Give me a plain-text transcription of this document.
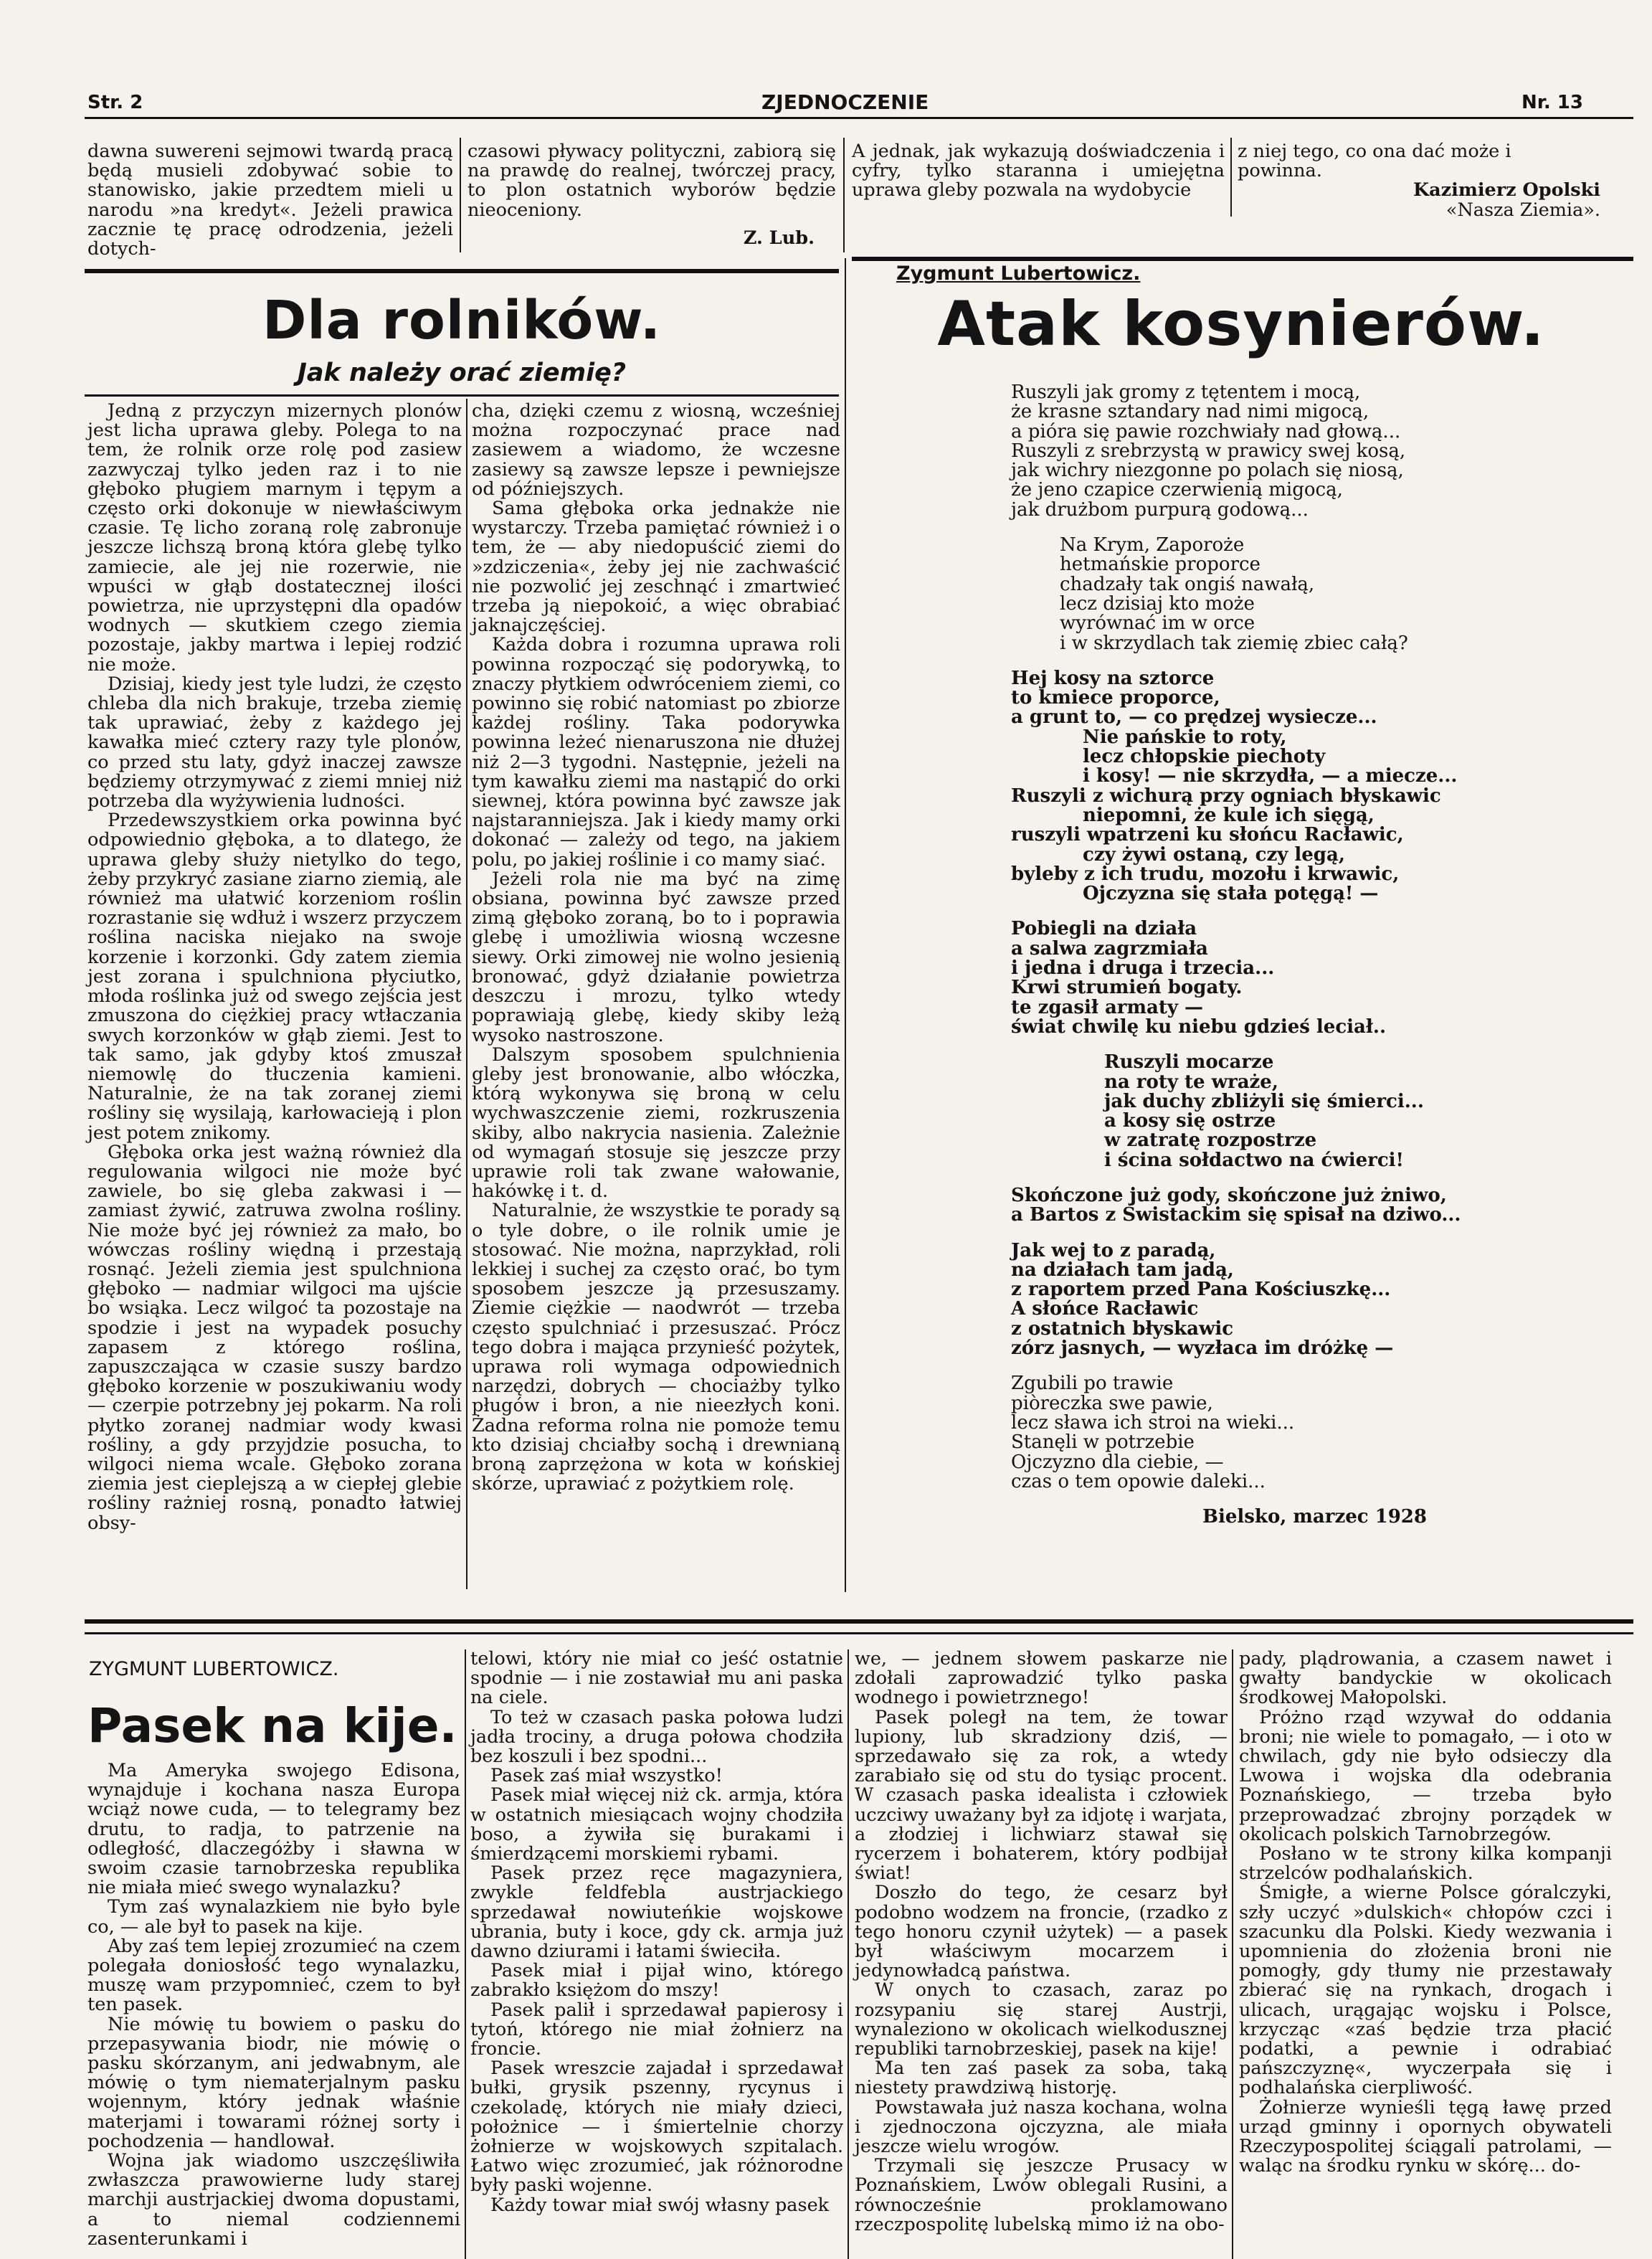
Str. 2	ZJEDNOCZENIE	Nr. 13

dawna suwereni sejmowi twardą pracą będą musieli zdobywać sobie to stanowisko, jakie przedtem mieli u narodu »na kredyt«. Jeżeli prawica zacznie tę pracę odrodzenia, jeżeli dotych-

czasowi pływacy polityczni, zabiorą się na prawdę do realnej, twórczej pracy, to plon ostatnich wyborów będzie nieoceniony.

Z. Lub.

A jednak, jak wykazują doświadczenia i cyfry, tylko staranna i umiejętna uprawa gleby pozwala na wydobycie

z niej tego, co ona dać może i powinna.

Kazimierz Opolski
«Nasza Ziemia».
Dla rolników.
Jak należy orać ziemię?

Jedną z przyczyn mizernych plonów jest licha uprawa gleby. Polega to na tem, że rolnik orze rolę pod zasiew zazwyczaj tylko jeden raz i to nie głęboko pługiem marnym i tępym a często orki dokonuje w niewłaściwym czasie. Tę licho zoraną rolę zabronuje jeszcze lichszą broną która glebę tylko zamiecie, ale jej nie rozerwie, nie wpuści w głąb dostatecznej ilości powietrza, nie uprzystępni dla opadów wodnych — skutkiem czego ziemia pozostaje, jakby martwa i lepiej rodzić nie może.

Dzisiaj, kiedy jest tyle ludzi, że często chleba dla nich brakuje, trzeba ziemię tak uprawiać, żeby z każdego jej kawałka mieć cztery razy tyle plonów, co przed stu laty, gdyż inaczej zawsze będziemy otrzymywać z ziemi mniej niż potrzeba dla wyżywienia ludności.

Przedewszystkiem orka powinna być odpowiednio głęboka, a to dlatego, że uprawa gleby służy nietylko do tego, żeby przykryć zasiane ziarno ziemią, ale również ma ułatwić korzeniom roślin rozrastanie się wdłuż i wszerz przyczem roślina naciska niejako na swoje korzenie i korzonki. Gdy zatem ziemia jest zorana i spulchniona płyciutko, młoda roślinka już od swego zejścia jest zmuszona do ciężkiej pracy wtłaczania swych korzonków w głąb ziemi. Jest to tak samo, jak gdyby ktoś zmuszał niemowlę do tłuczenia kamieni. Naturalnie, że na tak zoranej ziemi rośliny się wysilają, karłowacieją i plon jest potem znikomy.

Głęboka orka jest ważną również dla regulowania wilgoci nie może być zawiele, bo się gleba zakwasi i — zamiast żywić, zatruwa zwolna rośliny. Nie może być jej również za mało, bo wówczas rośliny więdną i przestają rosnąć. Jeżeli ziemia jest spulchniona głęboko — nadmiar wilgoci ma ujście bo wsiąka. Lecz wilgoć ta pozostaje na spodzie i jest na wypadek posuchy zapasem z którego roślina, zapuszczająca w czasie suszy bardzo głęboko korzenie w poszukiwaniu wody — czerpie potrzebny jej pokarm. Na roli płytko zoranej nadmiar wody kwasi rośliny, a gdy przyjdzie posucha, to wilgoci niema wcale. Głęboko zorana ziemia jest cieplejszą a w ciepłej glebie rośliny rażniej rosną, ponadto łatwiej obsy-

cha, dzięki czemu z wiosną, wcześniej można rozpoczynać prace nad zasiewem a wiadomo, że wczesne zasiewy są zawsze lepsze i pewniejsze od późniejszych.

Sama głęboka orka jednakże nie wystarczy. Trzeba pamiętać również i o tem, że — aby niedopuścić ziemi do »zdziczenia«, żeby jej nie zachwaścić nie pozwolić jej zeschnąć i zmartwieć trzeba ją niepokoić, a więc obrabiać jaknajczęściej.

Każda dobra i rozumna uprawa roli powinna rozpocząć się podorywką, to znaczy płytkiem odwróceniem ziemi, co powinno się robić natomiast po zbiorze każdej rośliny. Taka podorywka powinna leżeć nienaruszona nie dłużej niż 2—3 tygodni. Następnie, jeżeli na tym kawałku ziemi ma nastąpić do orki siewnej, która powinna być zawsze jak najstaranniejsza. Jak i kiedy mamy orki dokonać — zależy od tego, na jakiem polu, po jakiej roślinie i co mamy siać.

Jeżeli rola nie ma być na zimę obsiana, powinna być zawsze przed zimą głęboko zoraną, bo to i poprawia glebę i umożliwia wiosną wczesne siewy. Orki zimowej nie wolno jesienią bronować, gdyż działanie powietrza deszczu i mrozu, tylko wtedy poprawiają glebę, kiedy skiby leżą wysoko nastroszone.

Dalszym sposobem spulchnienia gleby jest bronowanie, albo włóczka, którą wykonywa się broną w celu wychwaszczenie ziemi, rozkruszenia skiby, albo nakrycia nasienia. Zależnie od wymagań stosuje się jeszcze przy uprawie roli tak zwane wałowanie, hakówkę i t. d.

Naturalnie, że wszystkie te porady są o tyle dobre, o ile rolnik umie je stosować. Nie można, naprzykład, roli lekkiej i suchej za często orać, bo tym sposobem jeszcze ją przesuszamy. Ziemie ciężkie — naodwrót — trzeba często spulchniać i przesuszać. Prócz tego dobra i mająca przynieść pożytek, uprawa roli wymaga odpowiednich narzędzi, dobrych — chociażby tylko pługów i bron, a nie nieezłych koni. Żadna reforma rolna nie pomoże temu kto dzisiaj chciałby sochą i drewnianą broną zaprzężona w kota w końskiej skórze, uprawiać z pożytkiem rolę.

Zygmunt Lubertowicz.
Atak kosynierów.
Ruszyli jak gromy z tętentem i mocą,
że krasne sztandary nad nimi migocą,
a pióra się pawie rozchwiały nad głową...
Ruszyli z srebrzystą w prawicy swej kosą,
jak wichry niezgonne po polach się niosą,
że jeno czapice czerwienią migocą,
jak drużbom purpurą godową...
Na Krym, Zaporoże
hetmańskie proporce
chadzały tak ongiś nawałą,
lecz dzisiaj kto może
wyrównać im w orce
i w skrzydlach tak ziemię zbiec całą?
Hej kosy na sztorce
to kmiece proporce,
a grunt to, — co prędzej wysiecze...
Nie pańskie to roty,
lecz chłopskie piechoty
i kosy! — nie skrzydła, — a miecze...
Ruszyli z wichurą przy ogniach błyskawic
niepomni, że kule ich sięgą,
ruszyli wpatrzeni ku słońcu Racławic,
czy żywi ostaną, czy legą,
byleby z ich trudu, mozołu i krwawic,
Ojczyzna się stała potęgą! —
Pobiegli na działa
a salwa zagrzmiała
i jedna i druga i trzecia...
Krwi strumień bogaty.
te zgasił armaty —
świat chwilę ku niebu gdzieś leciał..
Ruszyli mocarze
na roty te wraże,
jak duchy zbliżyli się śmierci...
a kosy się ostrze
w zatratę rozpostrze
i ścina sołdactwo na ćwierci!
Skończone już gody, skończone już żniwo,
a Bartos z Świstackim się spisał na dziwo...
Jak wej to z paradą,
na działach tam jadą,
z raportem przed Pana Kościuszkę...
A słońce Racławic
z ostatnich błyskawic
zórz jasnych, — wyzłaca im dróżkę —
Zgubili po trawie
piòreczka swe pawie,
lecz sława ich stroi na wieki...
Stanęli w potrzebie
Ojczyzno dla ciebie, —
czas o tem opowie daleki...
Bielsko, marzec 1928
ZYGMUNT LUBERTOWICZ.
Pasek na kije.

Ma Ameryka swojego Edisona, wynajduje i kochana nasza Europa wciąż nowe cuda, — to telegramy bez drutu, to radja, to patrzenie na odległość, dlaczegóżby i sławna w swoim czasie tarnobrzeska republika nie miała mieć swego wynalazku?

Tym zaś wynalazkiem nie było byle co, — ale był to pasek na kije.

Aby zaś tem lepiej zrozumieć na czem polegała doniosłość tego wynalazku, muszę wam przypomnieć, czem to był ten pasek.

Nie mówię tu bowiem o pasku do przepasywania biodr, nie mówię o pasku skórzanym, ani jedwabnym, ale mówię o tym niematerjalnym pasku wojennym, który jednak właśnie materjami i towarami różnej sorty i pochodzenia — handlował.

Wojna jak wiadomo uszczęśliwiła zwłaszcza prawowierne ludy starej marchji austrjackiej dwoma dopustami, a to niemal codziennemi zasenterunkami i

telowi, który nie miał co jeść ostatnie spodnie — i nie zostawiał mu ani paska na ciele.

To też w czasach paska połowa ludzi jadła trociny, a druga połowa chodziła bez koszuli i bez spodni...

Pasek zaś miał wszystko!

Pasek miał więcej niż ck. armja, która w ostatnich miesiącach wojny chodziła boso, a żywiła się burakami i śmierdzącemi morskiemi rybami.

Pasek przez ręce magazyniera, zwykle feldfebla austrjackiego sprzedawał nowiuteńkie wojskowe ubrania, buty i koce, gdy ck. armja już dawno dziurami i łatami świeciła.

Pasek miał i pijał wino, którego zabrakło księżom do mszy!

Pasek palił i sprzedawał papierosy i tytoń, którego nie miał żołnierz na froncie.

Pasek wreszcie zajadał i sprzedawał bułki, grysik pszenny, rycynus i czekoladę, których nie miały dzieci, położnice — i śmiertelnie chorzy żołnierze w wojskowych szpitalach. Łatwo więc zrozumieć, jak różnorodne były paski wojenne.

Każdy towar miał swój własny pasek

we, — jednem słowem paskarze nie zdołali zaprowadzić tylko paska wodnego i powietrznego!

Pasek poległ na tem, że towar lupiony, lub skradziony dziś, — sprzedawało się za rok, a wtedy zarabiało się od stu do tysiąc procent. W czasach paska idealista i człowiek uczciwy uważany był za idjotę i warjata, a złodziej i lichwiarz stawał się rycerzem i bohaterem, który podbijał świat!

Doszło do tego, że cesarz był podobno wodzem na froncie, (rzadko z tego honoru czynił użytek) — a pasek był właściwym mocarzem i jedynowładcą państwa.

W onych to czasach, zaraz po rozsypaniu się starej Austrji, wynaleziono w okolicach wielkodusznej republiki tarnobrzeskiej, pasek na kije!

Ma ten zaś pasek za soba, taką niestety prawdziwą historję.

Powstawała już nasza kochana, wolna i zjednoczona ojczyzna, ale miała jeszcze wielu wrogów.

Trzymali się jeszcze Prusacy w Poznańskiem, Lwów oblegali Rusini, a równocześnie proklamowano rzeczpospolitę lubelską mimo iż na obo-

pady, plądrowania, a czasem nawet i gwałty bandyckie w okolicach środkowej Małopolski.

Próżno rząd wzywał do oddania broni; nie wiele to pomagało, — i oto w chwilach, gdy nie było odsieczy dla Lwowa i wojska dla odebrania Poznańskiego, — trzeba było przeprowadzać zbrojny porządek w okolicach polskich Tarnobrzegów.

Posłano w te strony kilka kompanji strzelców podhalańskich.

Śmigłe, a wierne Polsce góralczyki, szły uczyć »dulskich« chłopów czci i szacunku dla Polski. Kiedy wezwania i upomnienia do złożenia broni nie pomogły, gdy tłumy nie przestawały zbierać się na rynkach, drogach i ulicach, urągając wojsku i Polsce, krzycząc «zaś będzie trza płacić podatki, a pewnie i odrabiać pańszczyznę«, wyczerpała się i podhalańska cierpliwość.

Żołnierze wynieśli tęgą ławę przed urząd gminny i opornych obywateli Rzeczypospolitej ściągali patrolami, — waląc na środku rynku w skórę... do-
